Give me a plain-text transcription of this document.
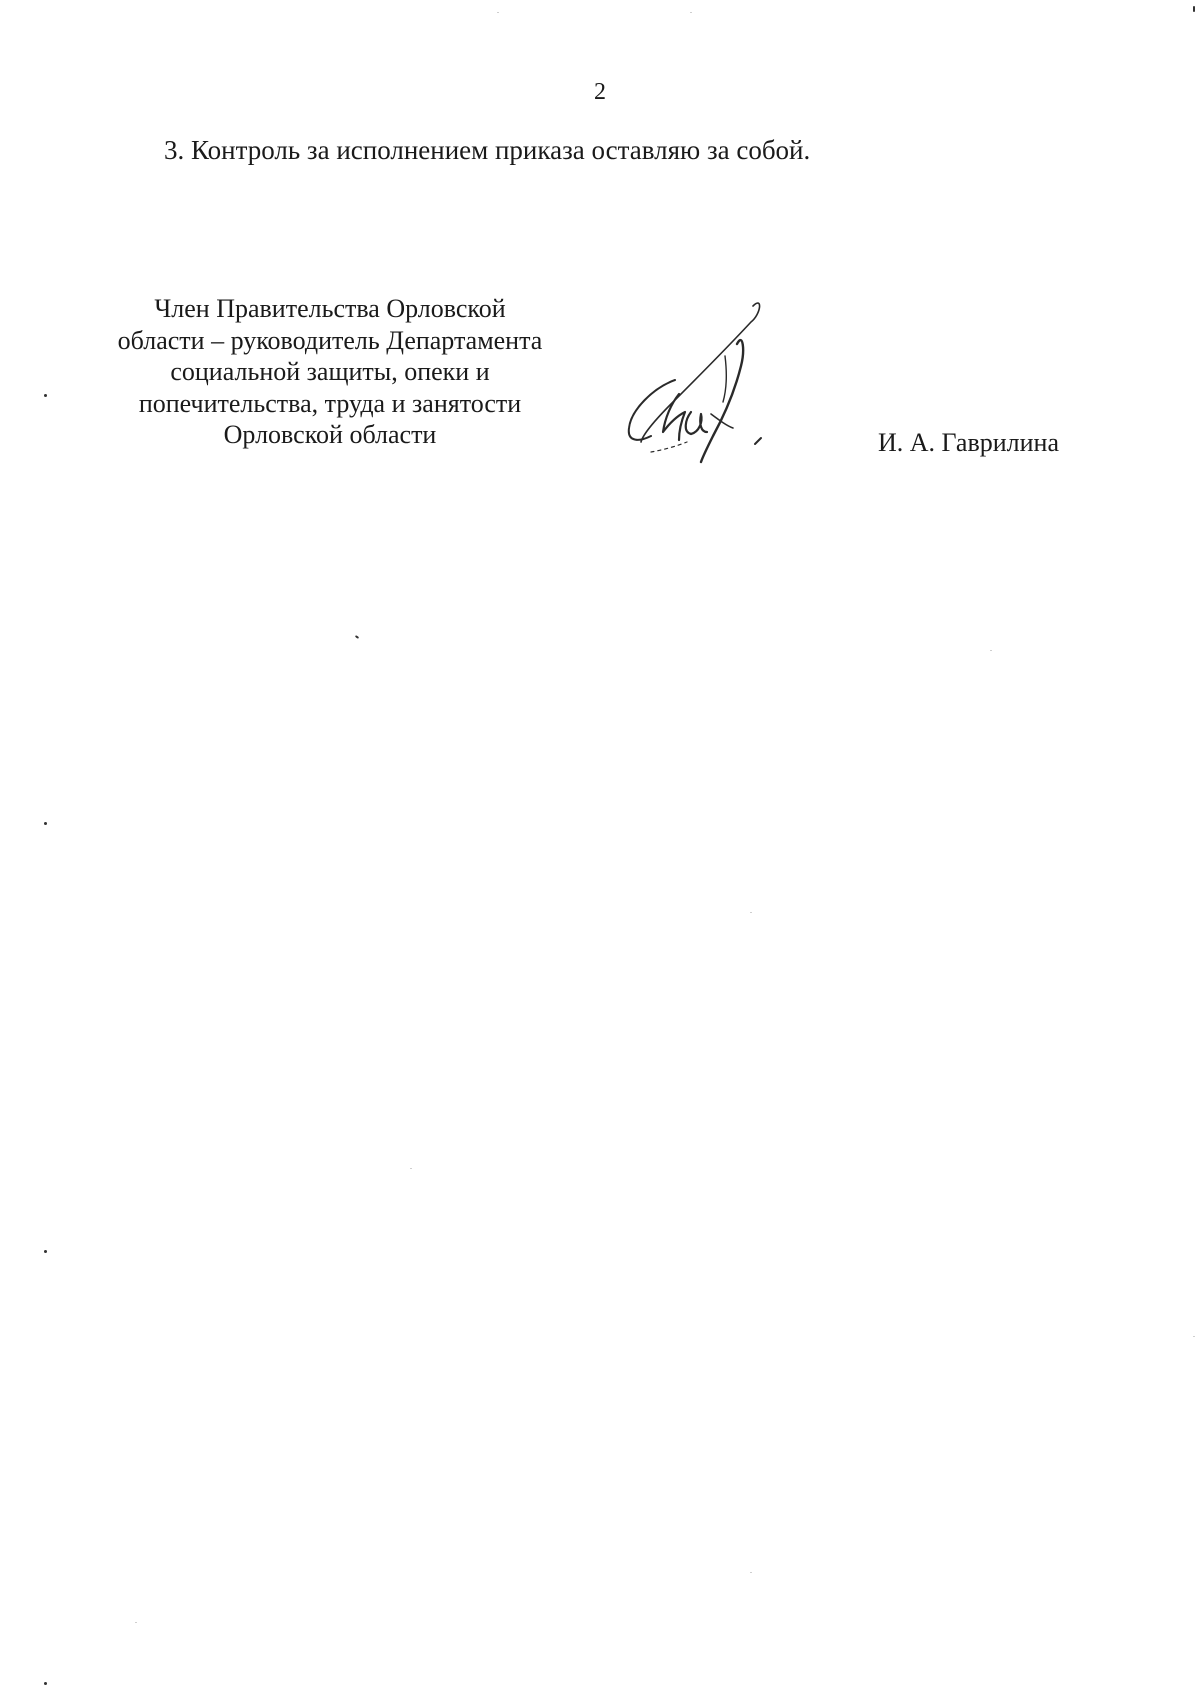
2
3. Контроль за исполнением приказа оставляю за собой.
Член Правительства Орловской
области – руководитель Департамента
социальной защиты, опеки и
попечительства, труда и занятости
Орловской области	И. А. Гаврилина
